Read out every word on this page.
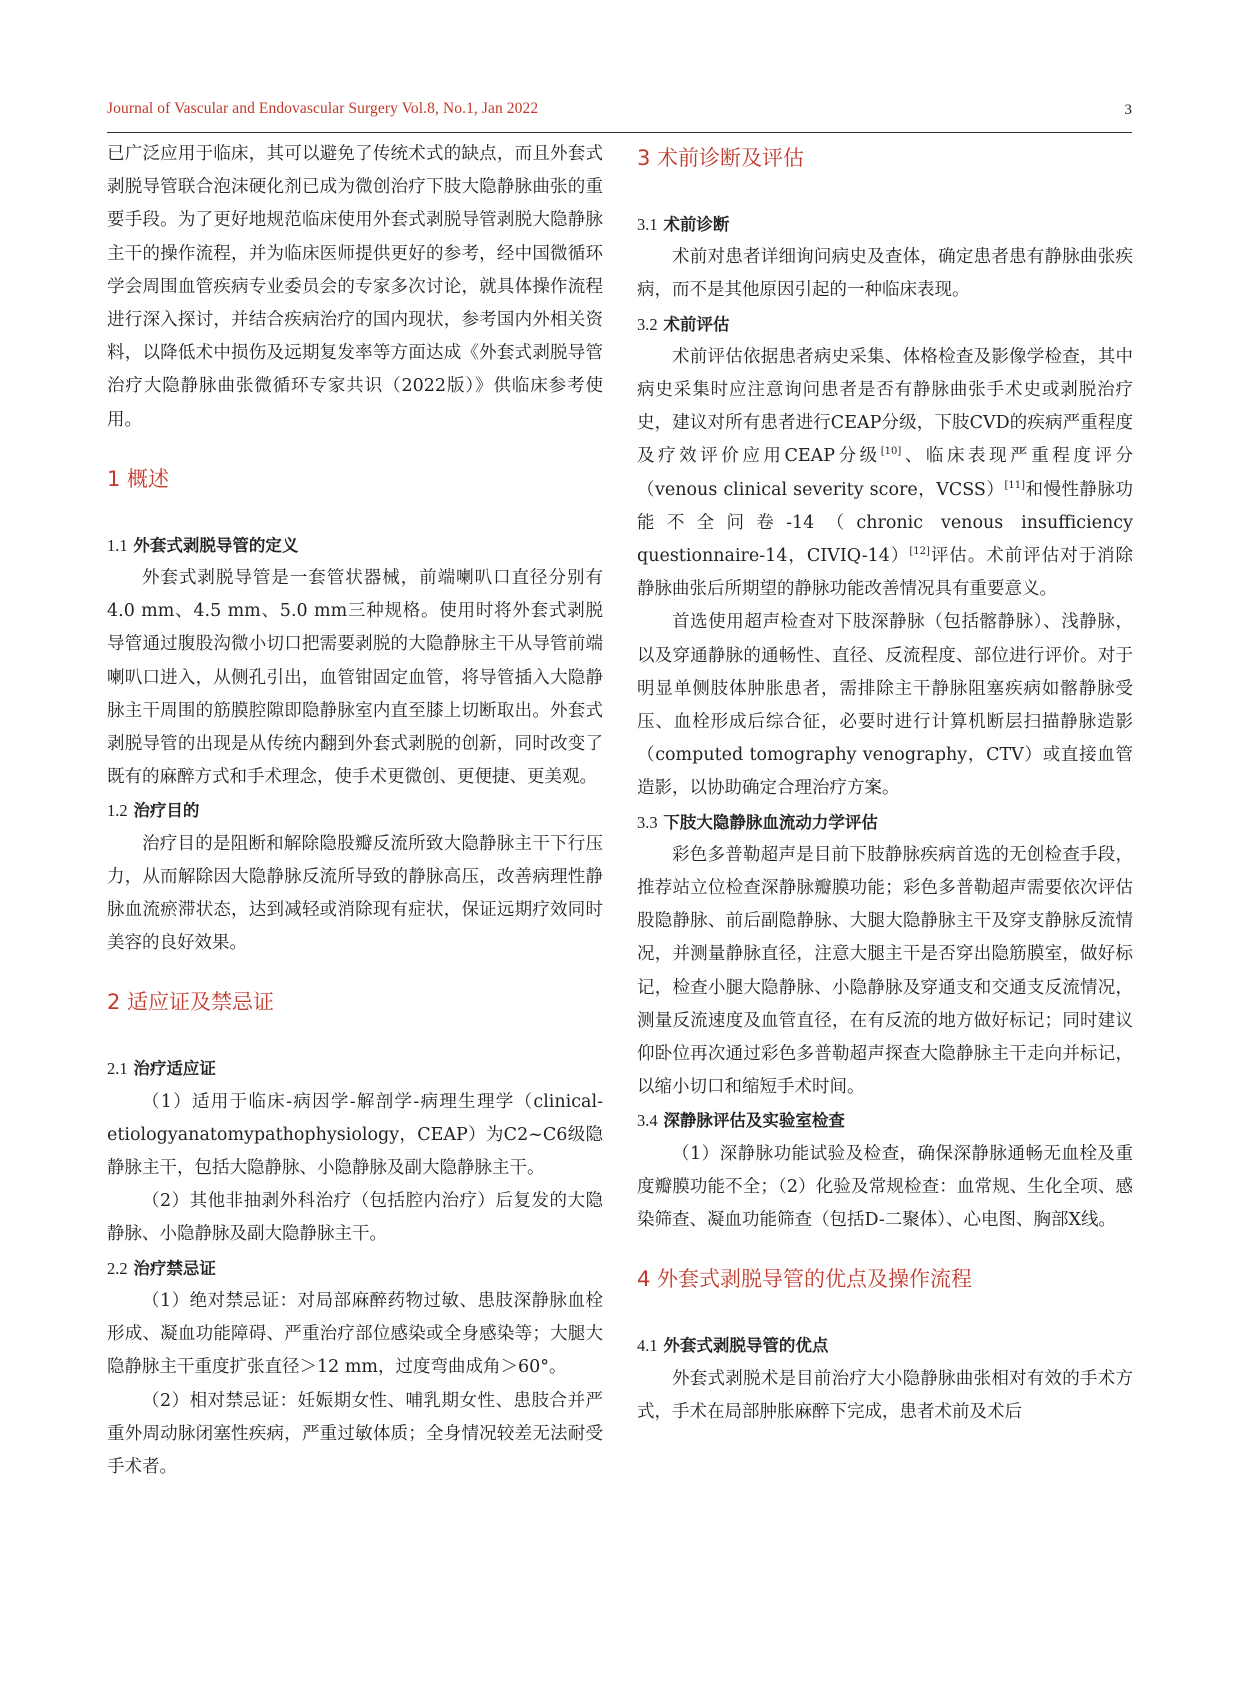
Journal of Vascular and Endovascular Surgery Vol.8, No.1, Jan 2022	3

已广泛应用于临床，其可以避免了传统术式的缺点，而且外套式剥脱导管联合泡沫硬化剂已成为微创治疗下肢大隐静脉曲张的重要手段。为了更好地规范临床使用外套式剥脱导管剥脱大隐静脉主干的操作流程，并为临床医师提供更好的参考，经中国微循环学会周围血管疾病专业委员会的专家多次讨论，就具体操作流程进行深入探讨，并结合疾病治疗的国内现状，参考国内外相关资料，以降低术中损伤及远期复发率等方面达成《外套式剥脱导管治疗大隐静脉曲张微循环专家共识（2022版）》供临床参考使用。

1 概述
1.1 外套式剥脱导管的定义

外套式剥脱导管是一套管状器械，前端喇叭口直径分别有4.0 mm、4.5 mm、5.0 mm三种规格。使用时将外套式剥脱导管通过腹股沟微小切口把需要剥脱的大隐静脉主干从导管前端喇叭口进入，从侧孔引出，血管钳固定血管，将导管插入大隐静脉主干周围的筋膜腔隙即隐静脉室内直至膝上切断取出。外套式剥脱导管的出现是从传统内翻到外套式剥脱的创新，同时改变了既有的麻醉方式和手术理念，使手术更微创、更便捷、更美观。

1.2 治疗目的

治疗目的是阻断和解除隐股瓣反流所致大隐静脉主干下行压力，从而解除因大隐静脉反流所导致的静脉高压，改善病理性静脉血流瘀滞状态，达到减轻或消除现有症状，保证远期疗效同时美容的良好效果。

2 适应证及禁忌证
2.1 治疗适应证

（1）适用于临床-病因学-解剖学-病理生理学（clinical-etiologyanatomypathophysiology，CEAP）为C2~C6级隐静脉主干，包括大隐静脉、小隐静脉及副大隐静脉主干。

（2）其他非抽剥外科治疗（包括腔内治疗）后复发的大隐静脉、小隐静脉及副大隐静脉主干。

2.2 治疗禁忌证

（1）绝对禁忌证：对局部麻醉药物过敏、患肢深静脉血栓形成、凝血功能障碍、严重治疗部位感染或全身感染等；大腿大隐静脉主干重度扩张直径＞12 mm，过度弯曲成角＞60°。

（2）相对禁忌证：妊娠期女性、哺乳期女性、患肢合并严重外周动脉闭塞性疾病，严重过敏体质；全身情况较差无法耐受手术者。

3 术前诊断及评估
3.1 术前诊断

术前对患者详细询问病史及查体，确定患者患有静脉曲张疾病，而不是其他原因引起的一种临床表现。

3.2 术前评估

术前评估依据患者病史采集、体格检查及影像学检查，其中病史采集时应注意询问患者是否有静脉曲张手术史或剥脱治疗史，建议对所有患者进行CEAP分级，下肢CVD的疾病严重程度及疗效评价应用CEAP分级[10]、临床表现严重程度评分（venous clinical severity score，VCSS）[11]和慢性静脉功能不全问卷-14（chronic venous insufficiency questionnaire-14，CIVIQ-14）[12]评估。术前评估对于消除静脉曲张后所期望的静脉功能改善情况具有重要意义。

首选使用超声检查对下肢深静脉（包括髂静脉）、浅静脉，以及穿通静脉的通畅性、直径、反流程度、部位进行评价。对于明显单侧肢体肿胀患者，需排除主干静脉阻塞疾病如髂静脉受压、血栓形成后综合征，必要时进行计算机断层扫描静脉造影（computed tomography venography，CTV）或直接血管造影，以协助确定合理治疗方案。

3.3 下肢大隐静脉血流动力学评估

彩色多普勒超声是目前下肢静脉疾病首选的无创检查手段，推荐站立位检查深静脉瓣膜功能；彩色多普勒超声需要依次评估股隐静脉、前后副隐静脉、大腿大隐静脉主干及穿支静脉反流情况，并测量静脉直径，注意大腿主干是否穿出隐筋膜室，做好标记，检查小腿大隐静脉、小隐静脉及穿通支和交通支反流情况，测量反流速度及血管直径，在有反流的地方做好标记；同时建议仰卧位再次通过彩色多普勒超声探查大隐静脉主干走向并标记，以缩小切口和缩短手术时间。

3.4 深静脉评估及实验室检查

（1）深静脉功能试验及检查，确保深静脉通畅无血栓及重度瓣膜功能不全；（2）化验及常规检查：血常规、生化全项、感染筛查、凝血功能筛查（包括D-二聚体）、心电图、胸部X线。

4 外套式剥脱导管的优点及操作流程
4.1 外套式剥脱导管的优点

外套式剥脱术是目前治疗大小隐静脉曲张相对有效的手术方式，手术在局部肿胀麻醉下完成，患者术前及术后
